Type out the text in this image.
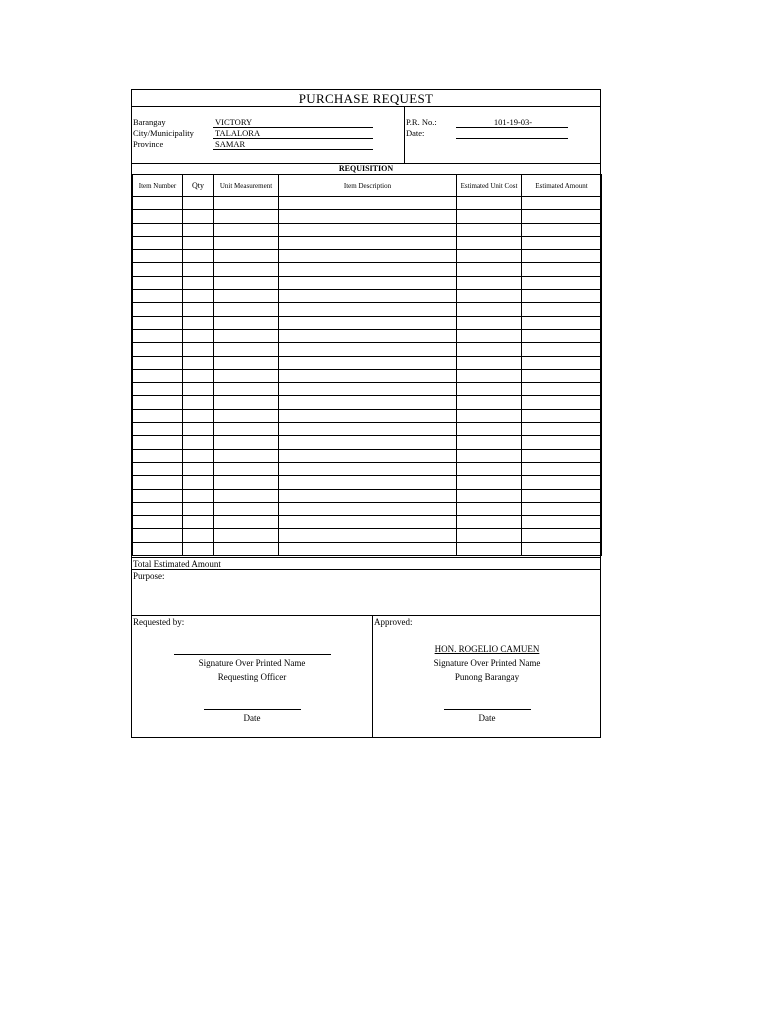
PURCHASE REQUEST
Barangay	VICTORY
City/Municipality TALALORA
Province	SAMAR
P.R. No.:	101-19-03-
Date:
REQUISITION
Item Number	Qty	Unit Measurement	Item Description	Estimated Unit Cost	Estimated Amount

Total Estimated Amount
Purpose:
Requested by:
Signature Over Printed Name
Requesting Officer
Date
Approved:
HON. ROGELIO CAMUEN
Signature Over Printed Name
Punong Barangay
Date
